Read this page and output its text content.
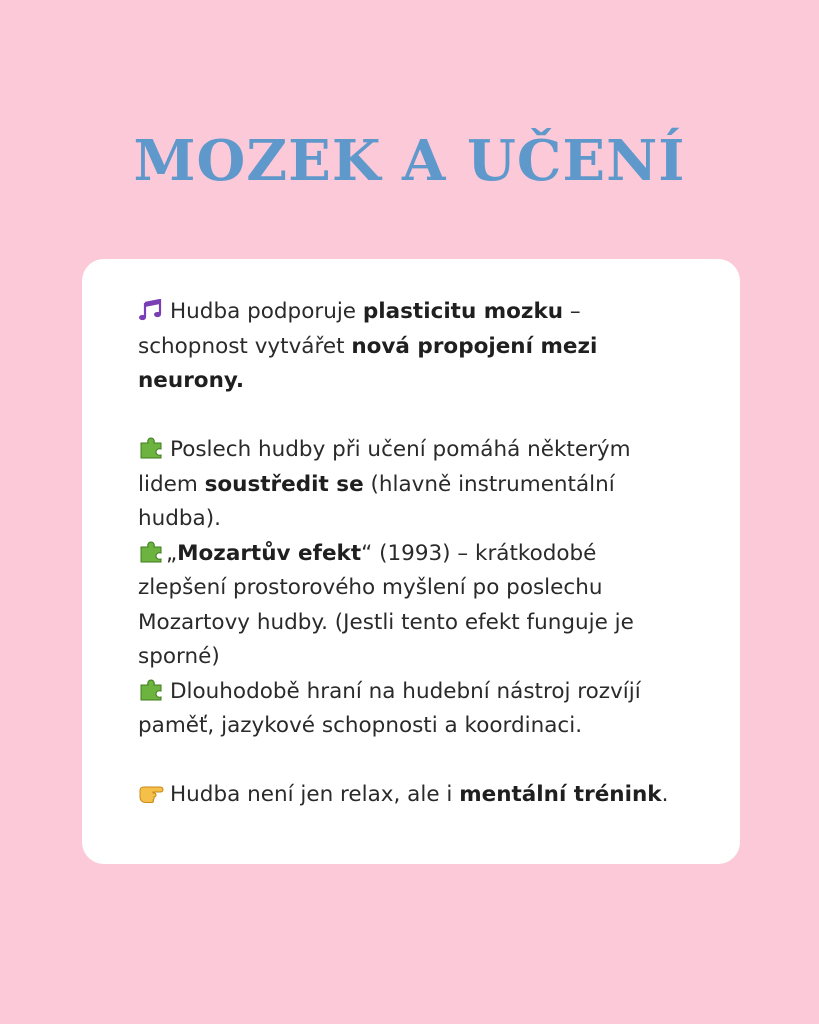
MOZEK A UČENÍ

Hudba podporuje plasticitu mozku – schopnost vytvářet nová propojení mezi neurony.

Poslech hudby při učení pomáhá některým lidem soustředit se (hlavně instrumentální hudba).

„Mozartův efekt“ (1993) – krátkodobé zlepšení prostorového myšlení po poslechu Mozartovy hudby. (Jestli tento efekt funguje je sporné)

Dlouhodobě hraní na hudební nástroj rozvíjí paměť, jazykové schopnosti a koordinaci.

Hudba není jen relax, ale i mentální trénink.
